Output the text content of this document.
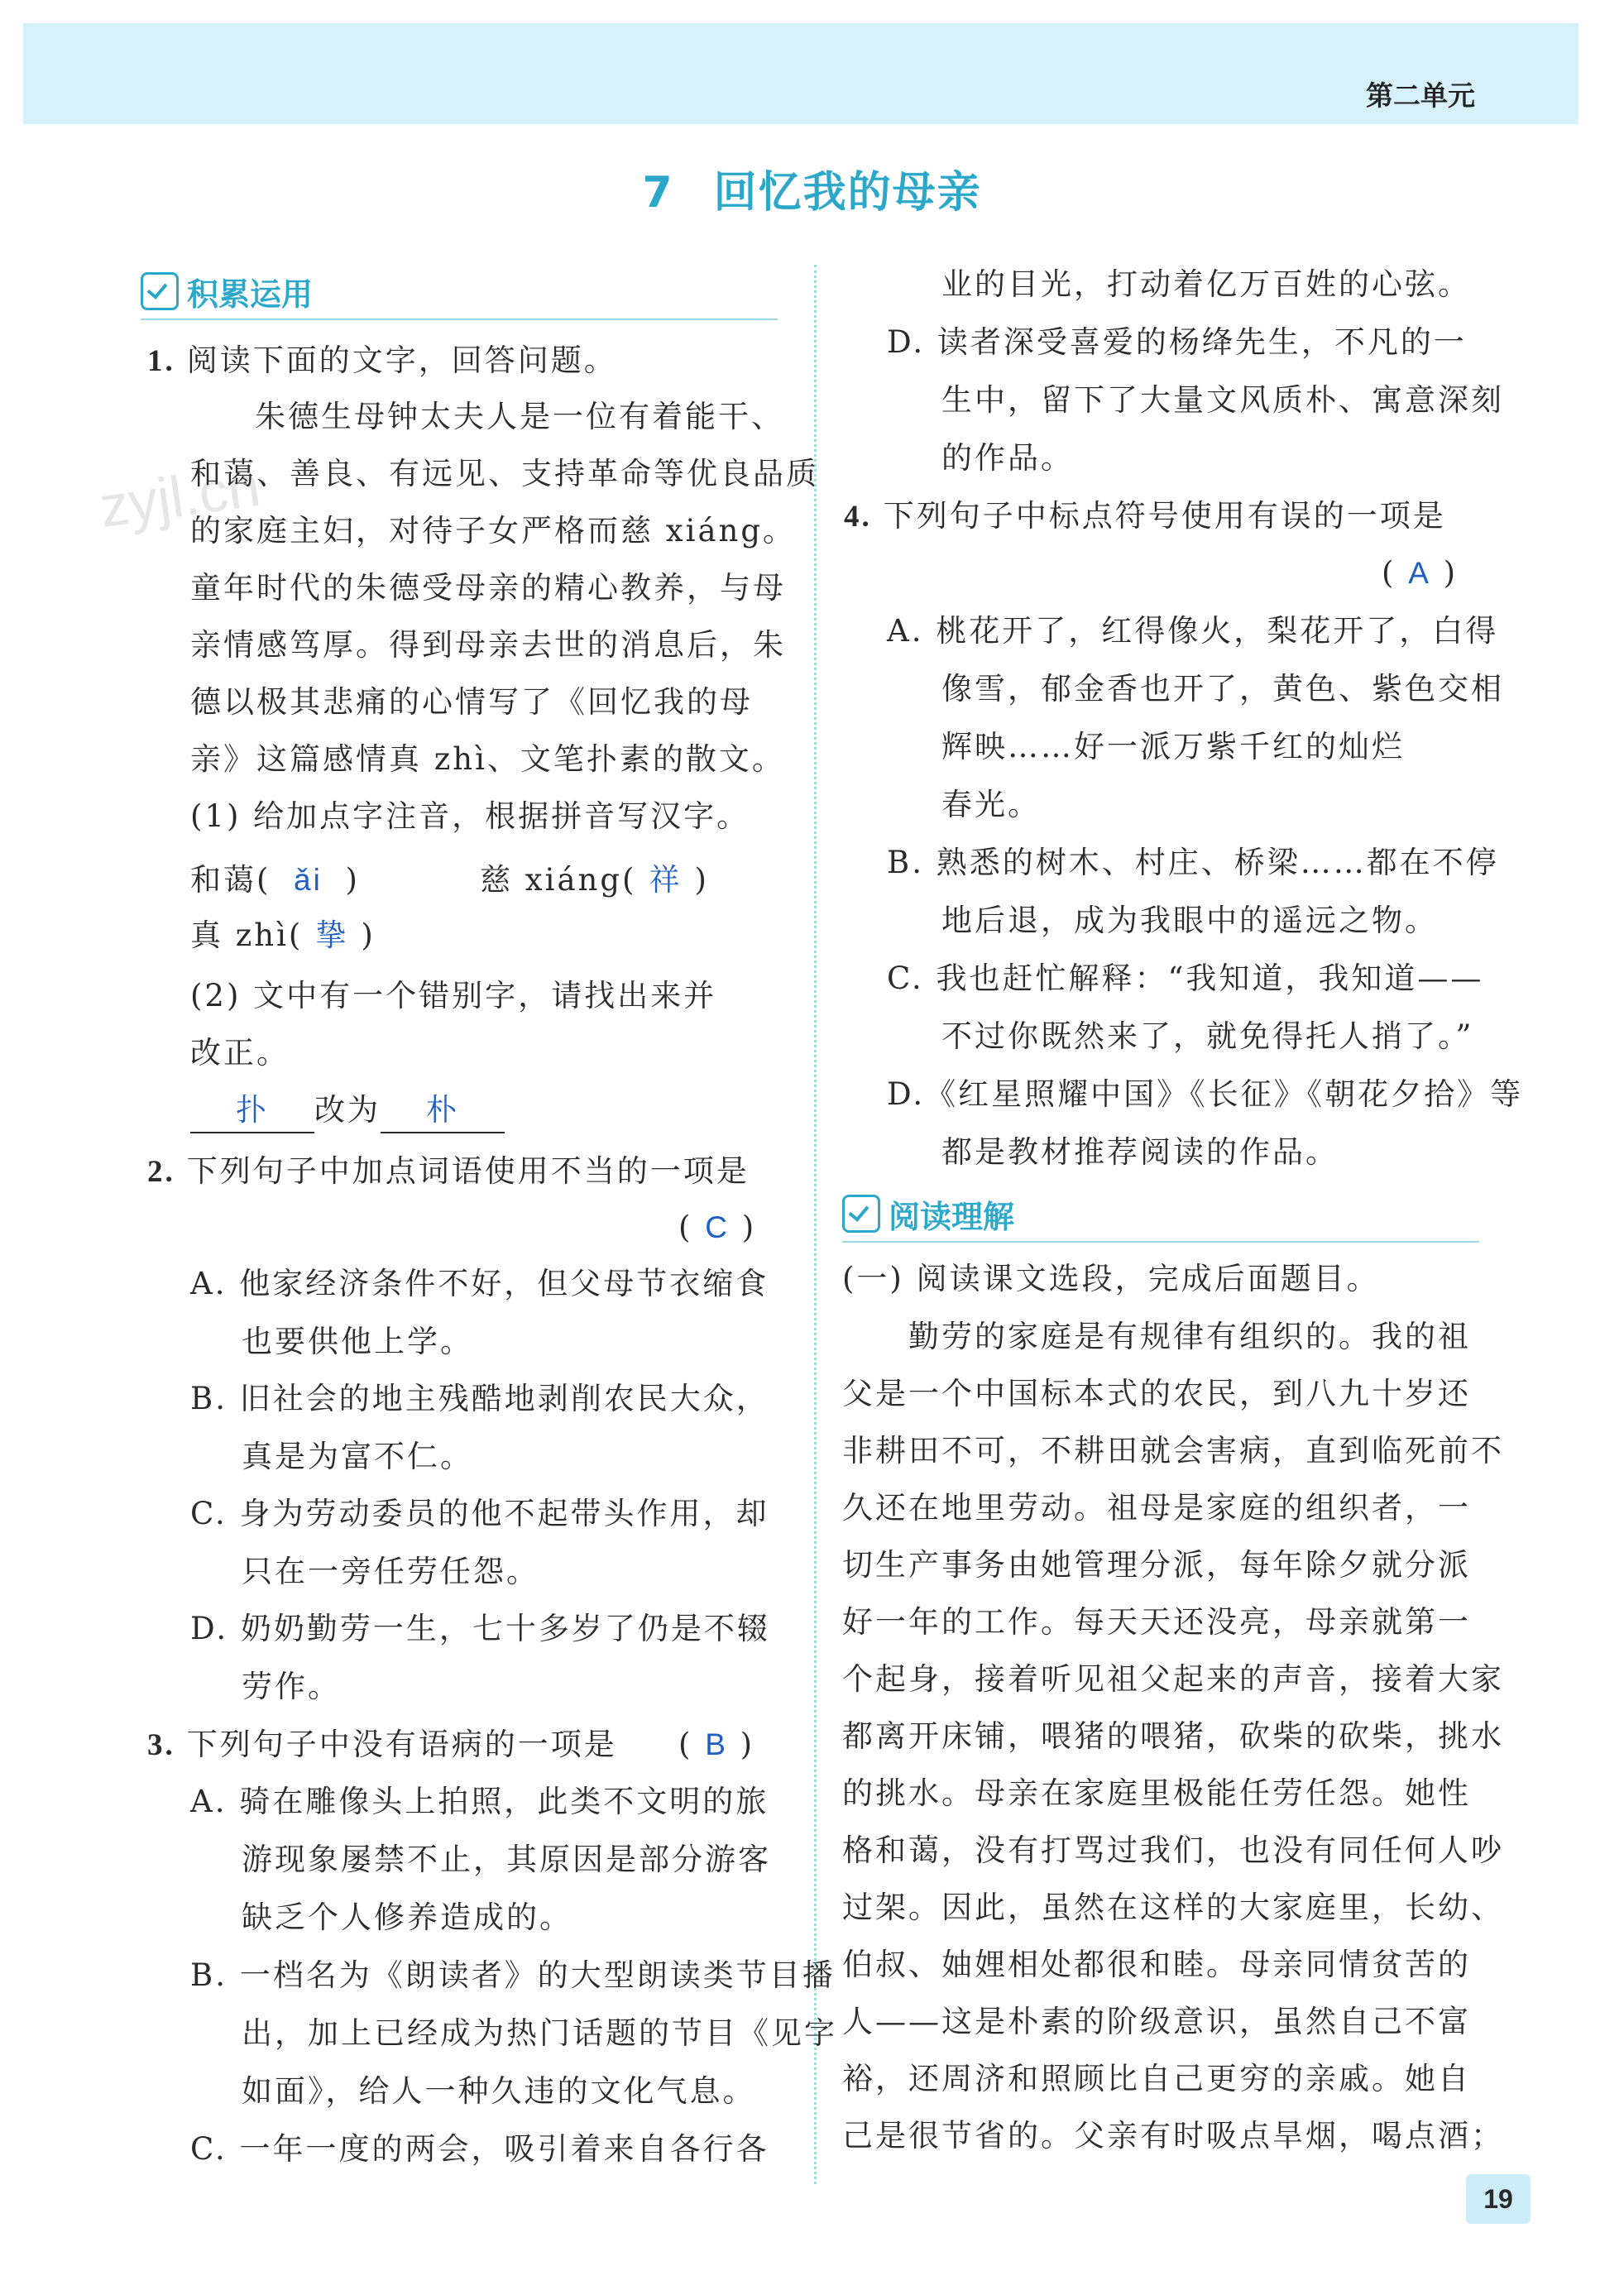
第二单元
zyjl.cn
7 回忆我的母亲
积累运用
1. 阅读下面的文字，回答问题。
朱德生母钟太夫人是一位有着能干、
和蔼、善良、有远见、支持革命等优良品质
的家庭主妇，对待子女严格而慈 xiáng。
童年时代的朱德受母亲的精心教养，与母
亲情感笃厚。得到母亲去世的消息后，朱
德以极其悲痛的心情写了《回忆我的母
亲》这篇感情真 zhì、文笔扑素的散文。
(1) 给加点字注音，根据拼音写汉字。
和蔼( ǎi )	慈 xiáng( 祥 )
真 zhì( 挚 )
(2) 文中有一个错别字，请找出来并
改正。
扑 改为 朴
2. 下列句子中加点词语使用不当的一项是
( C )
A. 他家经济条件不好，但父母节衣缩食
也要供他上学。
B. 旧社会的地主残酷地剥削农民大众，
真是为富不仁。
C. 身为劳动委员的他不起带头作用，却
只在一旁任劳任怨。
D. 奶奶勤劳一生，七十多岁了仍是不辍
劳作。
3. 下列句子中没有语病的一项是 ( B )
A. 骑在雕像头上拍照，此类不文明的旅
游现象屡禁不止，其原因是部分游客
缺乏个人修养造成的。
B. 一档名为《朗读者》的大型朗读类节目播
出，加上已经成为热门话题的节目《见字
如面》，给人一种久违的文化气息。
C. 一年一度的两会，吸引着来自各行各
业的目光，打动着亿万百姓的心弦。
D. 读者深受喜爱的杨绛先生，不凡的一
生中，留下了大量文风质朴、寓意深刻
的作品。
4. 下列句子中标点符号使用有误的一项是
( A )
A. 桃花开了，红得像火，梨花开了，白得
像雪，郁金香也开了，黄色、紫色交相
辉映……好一派万紫千红的灿烂
春光。
B. 熟悉的树木、村庄、桥梁……都在不停
地后退，成为我眼中的遥远之物。
C. 我也赶忙解释：“我知道，我知道——
不过你既然来了，就免得托人捎了。”
D.《红星照耀中国》《长征》《朝花夕拾》等
都是教材推荐阅读的作品。
阅读理解
(一) 阅读课文选段，完成后面题目。
勤劳的家庭是有规律有组织的。我的祖
父是一个中国标本式的农民，到八九十岁还
非耕田不可，不耕田就会害病，直到临死前不
久还在地里劳动。祖母是家庭的组织者，一
切生产事务由她管理分派，每年除夕就分派
好一年的工作。每天天还没亮，母亲就第一
个起身，接着听见祖父起来的声音，接着大家
都离开床铺，喂猪的喂猪，砍柴的砍柴，挑水
的挑水。母亲在家庭里极能任劳任怨。她性
格和蔼，没有打骂过我们，也没有同任何人吵
过架。因此，虽然在这样的大家庭里，长幼、
伯叔、妯娌相处都很和睦。母亲同情贫苦的
人——这是朴素的阶级意识，虽然自己不富
裕，还周济和照顾比自己更穷的亲戚。她自
己是很节省的。父亲有时吸点旱烟，喝点酒；
19
